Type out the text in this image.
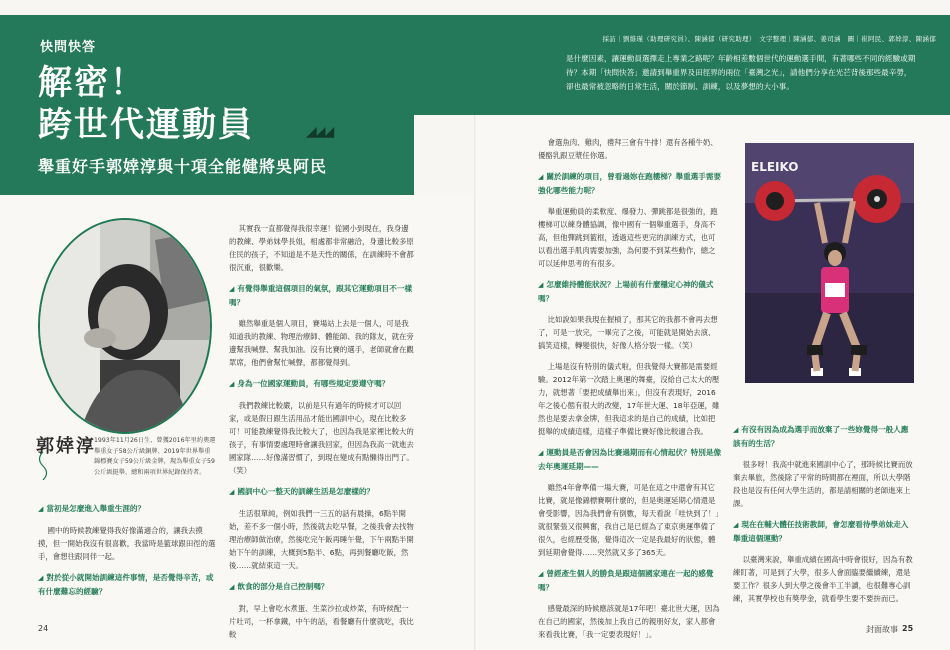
快問快答
解密！
跨世代運動員	◢◢◢
舉重好手郭婞淳與十項全能健將吳阿民
採訪｜劉維瑾（助理研究員）、陳涵郁（研究助理）　文字整理｜陳涵郁、姜司涵　圖｜崔阿民、郭婞淳、陳涵郁
是什麼因素，讓運動員選擇走上專業之路呢？年齡相差數個世代的運動選手間，有著哪些不同的經驗或期待？本期「快問快答」邀請到舉重界及田徑界的兩位「臺灣之光」，請他們分享在光芒背後那些最辛勞，卻也最常被忽略的日常生活，關於節制、訓練，以及夢想的大小事。
郭婞淳
1993年11月26日生，曾獲2016年里約奧運舉重女子58公斤級銅牌、2019年世界舉重錦標賽女子59公斤級金牌，現為舉重女子59公斤級挺舉、總和兩項世界紀錄保持者。
◢ 當初是怎麼進入舉重生涯的？

國中的時候教練覺得我好像滿適合的，讓我去摸摸，但一開始我沒有很喜歡，我當時是籃球跟田徑的選手，會想往跟同伴一起。

◢ 對於從小就開始訓練這件事情，是否覺得辛苦，或有什麼難忘的經驗？

其實我一直都覺得我很幸運！從國小到現在，我身邊的教練、學弟妹學長姐，相處都非常融洽，身邊比較多原住民的孩子，不知道是不是天性的關係，在訓練時不會都很沉重，很歡樂。

◢ 有覺得舉重這個項目的氣氛，跟其它運動項目不一樣嗎？

雖然舉重是個人項目，賽場站上去是一個人，可是我知道我的教練、物理治療師、體能師、我的隊友，就在旁邊幫我喊聲、幫我加油。沒有比賽的選手，老師就會在觀眾席，他們會幫忙喊聲，都都覺得到。

◢ 身為一位國家運動員，有哪些規定要遵守嗎？

我們教練比較嚴，以前是只有過年的時候才可以回家，或是假日跟生活用品才能出國訓中心，現在比較多可！可能教練覺得我比較大了，也因為我是家裡比較大的孩子，有事情要處理時會讓我回家，但因為我高一就進去國家隊……好像滿習慣了，到現在變成有點懶得出門了。（笑）

◢ 國訓中心一整天的訓練生活是怎麼樣的？

生活很單純，例如我們一三五的話有晨操，6點半開始，差不多一個小時，然後就去吃早餐，之後我會去找物理治療師做治療，然後吃完午飯再睡午覺，下午兩點半開始下午的訓練，大概到5點半、6點，再到餐廳吃飯，然後……就結束這一天。

◢ 飲食的部分是自己控制嗎？

對，早上會吃水煮蛋、生菜沙拉或炒菜，有時候配一片吐司，一杯拿鐵，中午的話，看餐廳有什麼就吃，我比較

會選魚肉、雞肉，禮拜三會有牛排！還有各種牛奶、優酪乳跟豆漿任你選。

◢ 關於訓練的項目，曾看過妳在跑樓梯？舉重選手需要強化哪些能力呢？

舉重運動員的柔軟度、爆發力、彈跳都是很強的，跑樓梯可以練身體協調，像中國有一個舉重選手，身高不高，但他彈跳到籃框，透過這些更完的訓練方式，也可以看出選手肌肉需要加強，為何要不到某些動作，總之可以延伸思考的有很多。

◢ 怎麼維持體能狀況？上場前有什麼穩定心神的儀式嗎？

比如說如果我現在握槓了，那其它的我都不會再去想了，可是一放完，一畢完了之後，可能就是開始去演、搞笑這樣，轉變很快，好像人格分裂一樣。（笑）

上場是沒有特別的儀式啦，但我覺得大賽都是需要經驗。2012年第一次踏上奧運的舞臺，沒給自己太大的壓力，就想著「要把成績舉出來」，但沒有表現好，2016年之後心態有很大的改變，17年世大運、18年亞運，雖然也是要去拿金牌，但我這求的是自己的成績，比如把挺舉的成績這樣，這樣子準備比賽好像比較適合我。

◢ 運動員是否會因為比賽過期而有心情起伏？特別是像去年奧運延期——

雖然4年會準備一場大賽，可是在這之中還會有其它比賽，就是像錦標賽啊什麼的，但是奧運延期心情還是會受影響，因為我們會有倒數，每天看說「哇快到了！」就很緊張又很興奮，我自己是已經為了東京奧運準備了很久，也經歷受傷，覺得這次一定是我最好的狀態，體到延期會覺得……突然就又多了365天。

◢ 曾經產生個人的勝負是跟這個國家連在一起的感覺嗎？

感覺最深的時候應該就是17年吧！臺北世大運，因為在自己的國家，然後加上我自己的親朋好友，家人都會來看我比賽，「我一定要表現好！」。

ELEIKO
◢ 有沒有因為成為選手而放棄了一些妳覺得一般人應該有的生活？

很多呀！我高中就進來國訓中心了，那時候比賽而放棄去畢旅，然後除了平常的時間都在裡面，所以大學階段也是沒有任何大學生活的，都是請相關的老師進來上課。

◢ 現在在輔大體任技術教師，會怎麼看待學弟妹走入舉重這個運動？

以臺灣來說，舉重成績在國高中時會很好，因為有教練盯著，可是到了大學，很多人會面臨要繼續練，還是要工作？很多人到大學之後會半工半讀，也很難專心訓練，其實學校也有獎學金，就看學生要不要拚而已。

24	封面故事 25
